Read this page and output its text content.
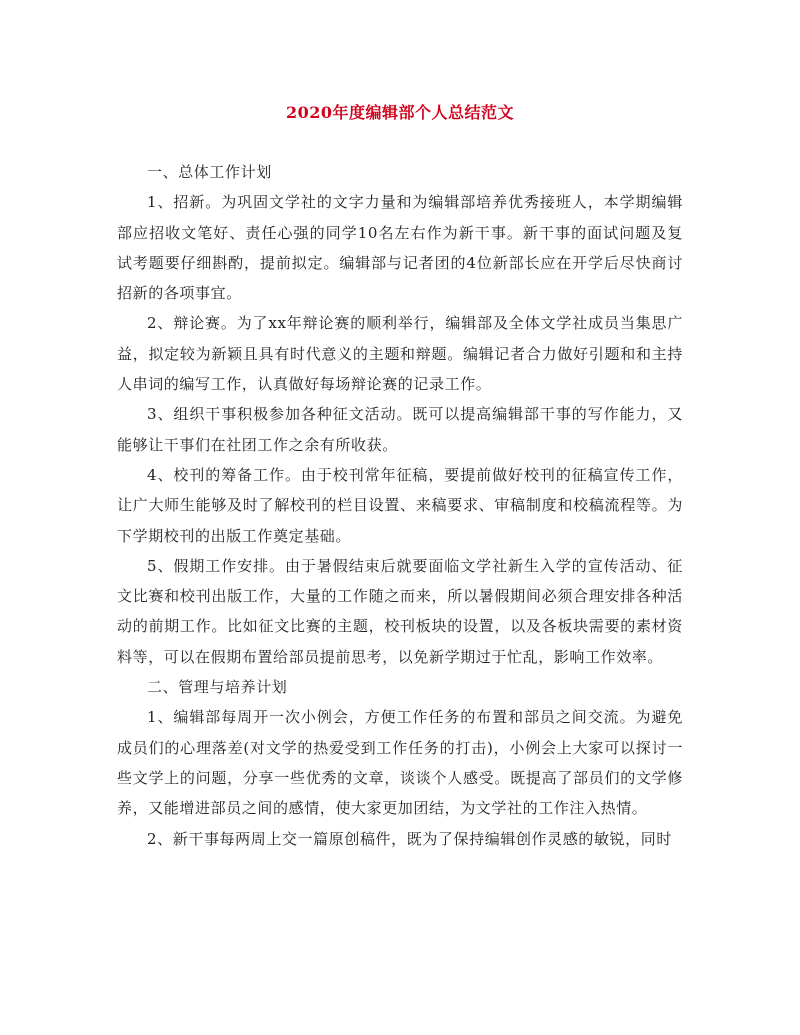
2020年度编辑部个人总结范文

一、总体工作计划

1、招新。为巩固文学社的文字力量和为编辑部培养优秀接班人，本学期编辑部应招收文笔好、责任心强的同学10名左右作为新干事。新干事的面试问题及复试考题要仔细斟酌，提前拟定。编辑部与记者团的4位新部长应在开学后尽快商讨招新的各项事宜。

2、辩论赛。为了xx年辩论赛的顺利举行，编辑部及全体文学社成员当集思广益，拟定较为新颖且具有时代意义的主题和辩题。编辑记者合力做好引题和和主持人串词的编写工作，认真做好每场辩论赛的记录工作。

3、组织干事积极参加各种征文活动。既可以提高编辑部干事的写作能力，又能够让干事们在社团工作之余有所收获。

4、校刊的筹备工作。由于校刊常年征稿，要提前做好校刊的征稿宣传工作，让广大师生能够及时了解校刊的栏目设置、来稿要求、审稿制度和校稿流程等。为下学期校刊的出版工作奠定基础。

5、假期工作安排。由于暑假结束后就要面临文学社新生入学的宣传活动、征文比赛和校刊出版工作，大量的工作随之而来，所以暑假期间必须合理安排各种活动的前期工作。比如征文比赛的主题，校刊板块的设置，以及各板块需要的素材资料等，可以在假期布置给部员提前思考，以免新学期过于忙乱，影响工作效率。

二、管理与培养计划

1、编辑部每周开一次小例会，方便工作任务的布置和部员之间交流。为避免成员们的心理落差(对文学的热爱受到工作任务的打击)，小例会上大家可以探讨一些文学上的问题，分享一些优秀的文章，谈谈个人感受。既提高了部员们的文学修养，又能增进部员之间的感情，使大家更加团结，为文学社的工作注入热情。

2、新干事每两周上交一篇原创稿件，既为了保持编辑创作灵感的敏锐，同时
